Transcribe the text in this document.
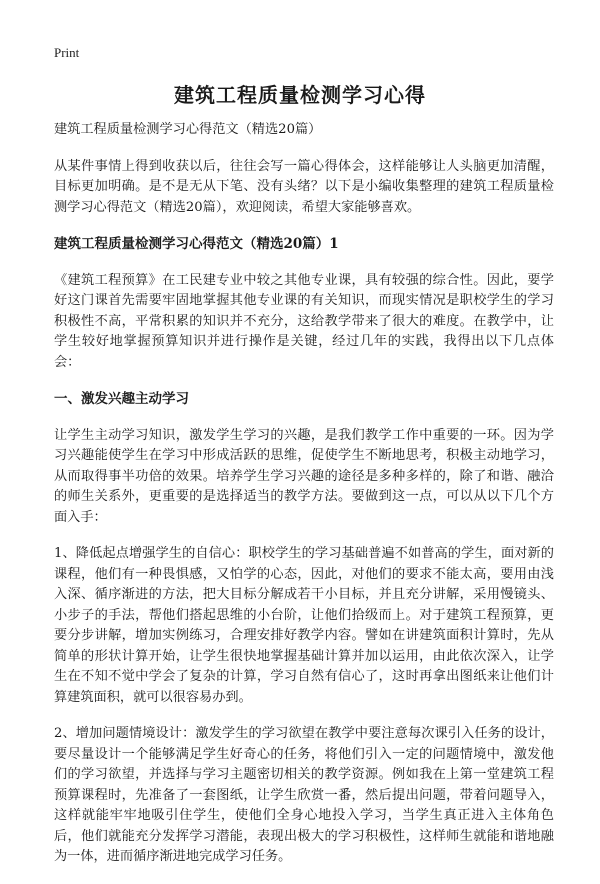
Print
建筑工程质量检测学习心得

建筑工程质量检测学习心得范文（精选20篇）

从某件事情上得到收获以后，往往会写一篇心得体会，这样能够让人头脑更加清醒，目标更加明确。是不是无从下笔、没有头绪？以下是小编收集整理的建筑工程质量检测学习心得范文（精选20篇），欢迎阅读，希望大家能够喜欢。

建筑工程质量检测学习心得范文（精选20篇）1

《建筑工程预算》在工民建专业中较之其他专业课，具有较强的综合性。因此，要学好这门课首先需要牢固地掌握其他专业课的有关知识，而现实情况是职校学生的学习积极性不高，平常积累的知识并不充分，这给教学带来了很大的难度。在教学中，让学生较好地掌握预算知识并进行操作是关键，经过几年的实践，我得出以下几点体会：

一、激发兴趣主动学习

让学生主动学习知识，激发学生学习的兴趣，是我们教学工作中重要的一环。因为学习兴趣能使学生在学习中形成活跃的思维，促使学生不断地思考，积极主动地学习，从而取得事半功倍的效果。培养学生学习兴趣的途径是多种多样的，除了和谐、融洽的师生关系外，更重要的是选择适当的教学方法。要做到这一点，可以从以下几个方面入手：

1、降低起点增强学生的自信心：职校学生的学习基础普遍不如普高的学生，面对新的课程，他们有一种畏惧感，又怕学的心态，因此，对他们的要求不能太高，要用由浅入深、循序渐进的方法，把大目标分解成若干小目标，并且充分讲解，采用慢镜头、小步子的手法，帮他们搭起思维的小台阶，让他们拾级而上。对于建筑工程预算，更要分步讲解，增加实例练习，合理安排好教学内容。譬如在讲建筑面积计算时，先从简单的形状计算开始，让学生很快地掌握基础计算并加以运用，由此依次深入，让学生在不知不觉中学会了复杂的计算，学习自然有信心了，这时再拿出图纸来让他们计算建筑面积，就可以很容易办到。

2、增加问题情境设计：激发学生的学习欲望在教学中要注意每次课引入任务的设计，要尽量设计一个能够满足学生好奇心的任务，将他们引入一定的问题情境中，激发他们的学习欲望，并选择与学习主题密切相关的教学资源。例如我在上第一堂建筑工程预算课程时，先准备了一套图纸，让学生欣赏一番，然后提出问题，带着问题导入，这样就能牢牢地吸引住学生，使他们全身心地投入学习，当学生真正进入主体角色后，他们就能充分发挥学习潜能，表现出极大的学习积极性，这样师生就能和谐地融为一体，进而循序渐进地完成学习任务。
